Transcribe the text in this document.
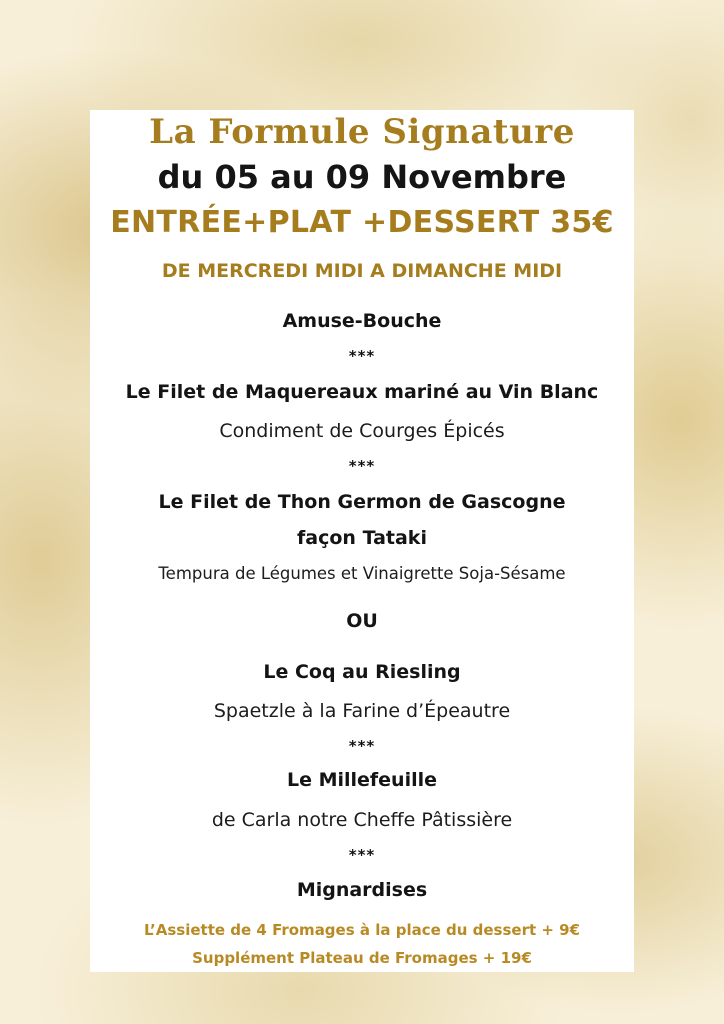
La Formule Signature
du 05 au 09 Novembre
ENTRÉE+PLAT +DESSERT 35€
DE MERCREDI MIDI A DIMANCHE MIDI
Amuse-Bouche
***
Le Filet de Maquereaux mariné au Vin Blanc
Condiment de Courges Épicés
***
Le Filet de Thon Germon de Gascogne
façon Tataki
Tempura de Légumes et Vinaigrette Soja-Sésame
OU
Le Coq au Riesling
Spaetzle à la Farine d’Épeautre
***
Le Millefeuille
de Carla notre Cheffe Pâtissière
***
Mignardises
L’Assiette de 4 Fromages à la place du dessert + 9€
Supplément Plateau de Fromages + 19€
